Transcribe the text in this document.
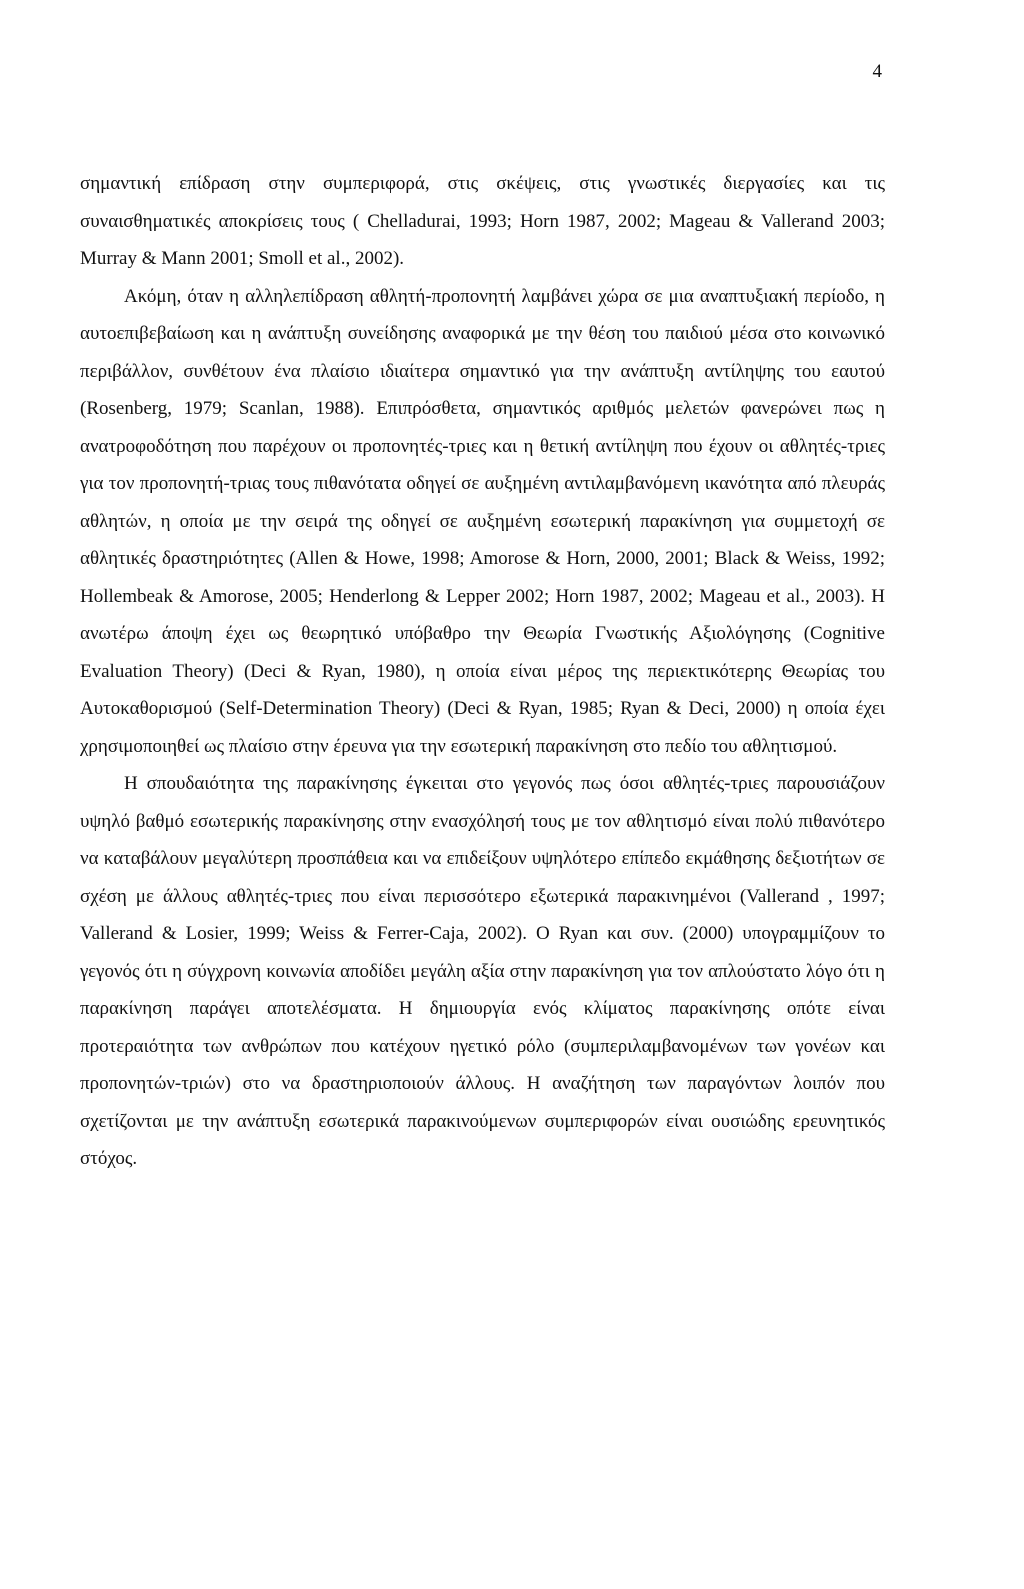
4

σημαντική επίδραση στην συμπεριφορά, στις σκέψεις, στις γνωστικές διεργασίες και τις συναισθηματικές αποκρίσεις τους ( Chelladurai, 1993; Horn 1987, 2002; Mageau & Vallerand 2003; Murray & Mann 2001; Smoll et al., 2002).

Ακόμη, όταν η αλληλεπίδραση αθλητή-προπονητή λαμβάνει χώρα σε μια αναπτυξιακή περίοδο, η αυτοεπιβεβαίωση και η ανάπτυξη συνείδησης αναφορικά με την θέση του παιδιού μέσα στο κοινωνικό περιβάλλον, συνθέτουν ένα πλαίσιο ιδιαίτερα σημαντικό για την ανάπτυξη αντίληψης του εαυτού (Rosenberg, 1979; Scanlan, 1988). Επιπρόσθετα, σημαντικός αριθμός μελετών φανερώνει πως η ανατροφοδότηση που παρέχουν οι προπονητές-τριες και η θετική αντίληψη που έχουν οι αθλητές-τριες για τον προπονητή-τριας τους πιθανότατα οδηγεί σε αυξημένη αντιλαμβανόμενη ικανότητα από πλευράς αθλητών, η οποία με την σειρά της οδηγεί σε αυξημένη εσωτερική παρακίνηση για συμμετοχή σε αθλητικές δραστηριότητες (Allen & Howe, 1998; Amorose & Horn, 2000, 2001; Black & Weiss, 1992; Hollembeak & Amorose, 2005; Henderlong & Lepper 2002; Horn 1987, 2002; Mageau et al., 2003). Η ανωτέρω άποψη έχει ως θεωρητικό υπόβαθρο την Θεωρία Γνωστικής Αξιολόγησης (Cognitive Evaluation Theory) (Deci & Ryan, 1980), η οποία είναι μέρος της περιεκτικότερης Θεωρίας του Αυτοκαθορισμού (Self-Determination Theory) (Deci & Ryan, 1985; Ryan & Deci, 2000) η οποία έχει χρησιμοποιηθεί ως πλαίσιο στην έρευνα για την εσωτερική παρακίνηση στο πεδίο του αθλητισμού.

Η σπουδαιότητα της παρακίνησης έγκειται στο γεγονός πως όσοι αθλητές-τριες παρουσιάζουν υψηλό βαθμό εσωτερικής παρακίνησης στην ενασχόλησή τους με τον αθλητισμό είναι πολύ πιθανότερο να καταβάλουν μεγαλύτερη προσπάθεια και να επιδείξουν υψηλότερο επίπεδο εκμάθησης δεξιοτήτων σε σχέση με άλλους αθλητές-τριες που είναι περισσότερο εξωτερικά παρακινημένοι (Vallerand , 1997; Vallerand & Losier, 1999; Weiss & Ferrer-Caja, 2002). Ο Ryan και συν. (2000) υπογραμμίζουν το γεγονός ότι η σύγχρονη κοινωνία αποδίδει μεγάλη αξία στην παρακίνηση για τον απλούστατο λόγο ότι η παρακίνηση παράγει αποτελέσματα. Η δημιουργία ενός κλίματος παρακίνησης οπότε είναι προτεραιότητα των ανθρώπων που κατέχουν ηγετικό ρόλο (συμπεριλαμβανομένων των γονέων και προπονητών-τριών) στο να δραστηριοποιούν άλλους. Η αναζήτηση των παραγόντων λοιπόν που σχετίζονται με την ανάπτυξη εσωτερικά παρακινούμενων συμπεριφορών είναι ουσιώδης ερευνητικός στόχος.
